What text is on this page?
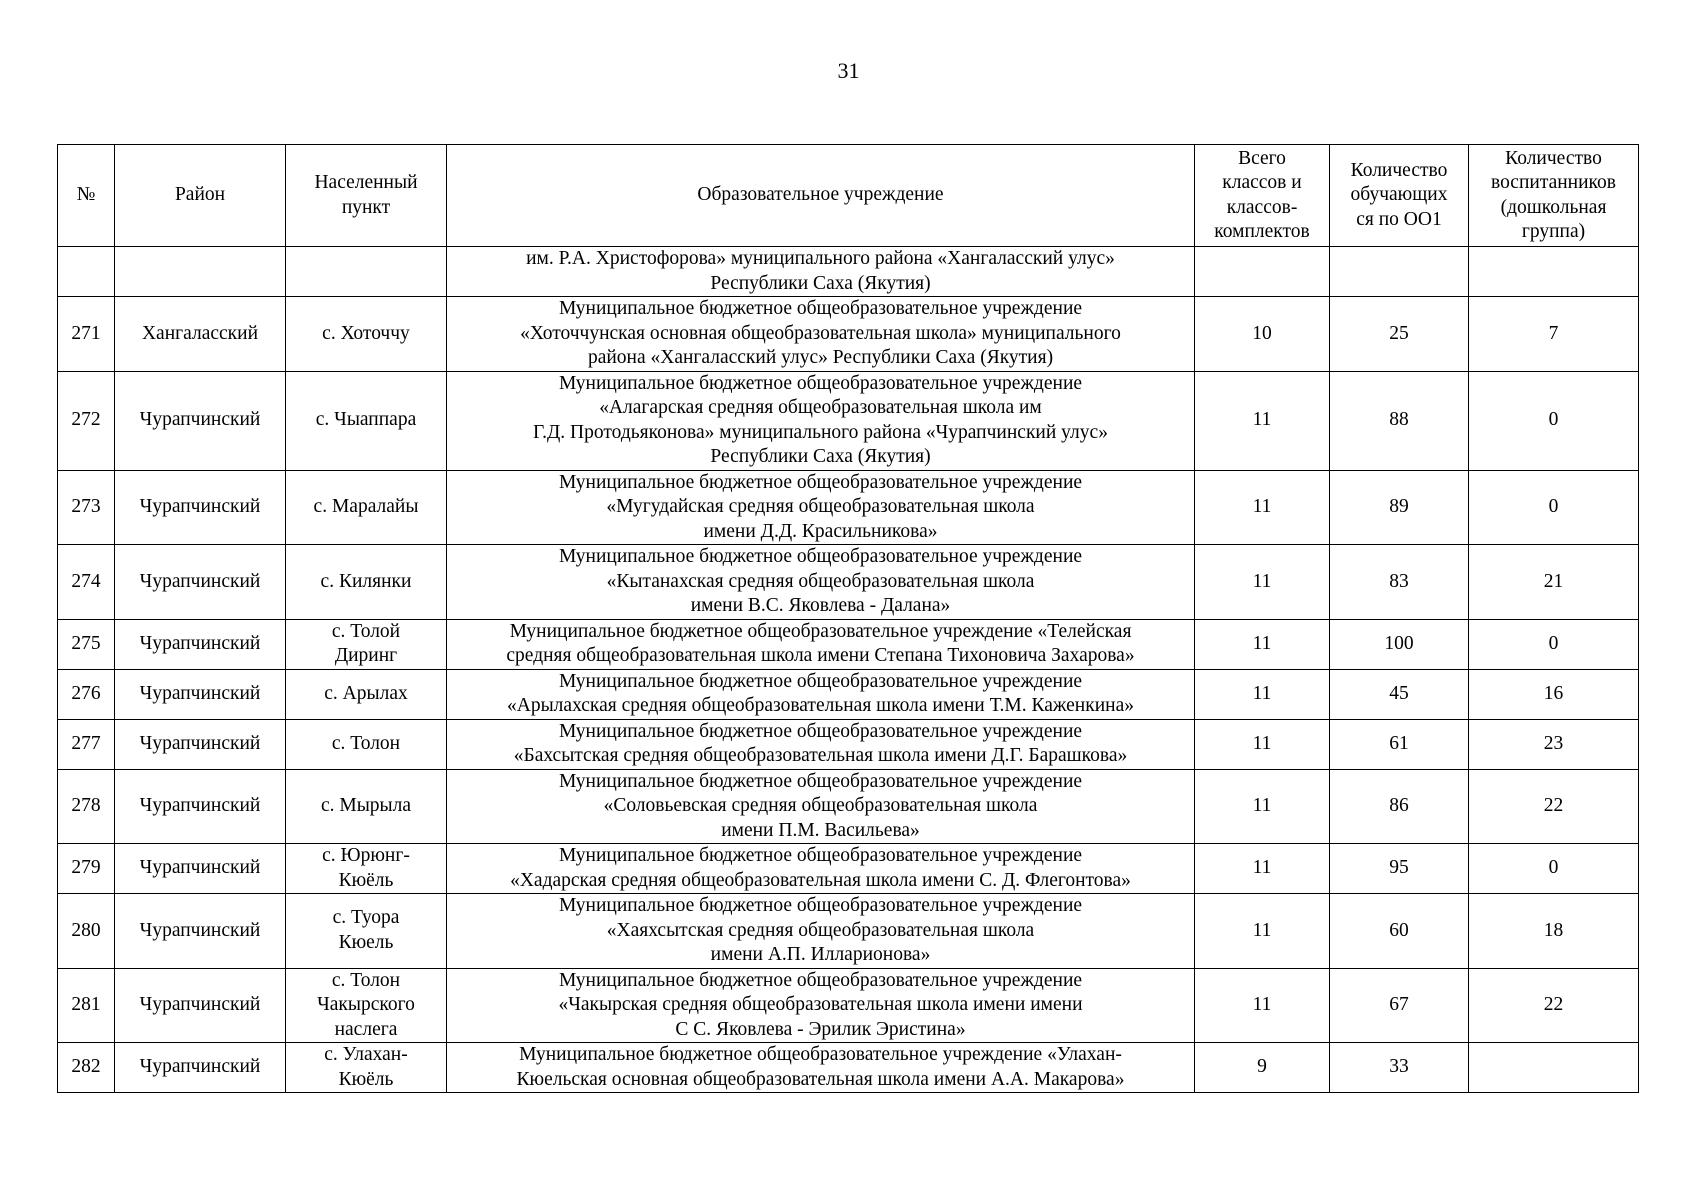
31
№	Район	Населенный
пункт	Образовательное учреждение	Всего
классов и
классов-
комплектов	Количество
обучающих
ся по ОО1	Количество
воспитанников
(дошкольная
группа)

			им. Р.А. Христофорова» муниципального района «Хангаласский улус»
Республики Саха (Якутия)			

271	Хангаласский	с. Хоточчу	Муниципальное бюджетное общеобразовательное учреждение
«Хоточчунская основная общеобразовательная школа» муниципального
района «Хангаласский улус» Республики Саха (Якутия)	10	25	7
272	Чурапчинский	с. Чыаппара	Муниципальное бюджетное общеобразовательное учреждение
«Алагарская средняя общеобразовательная школа им
Г.Д. Протодьяконова» муниципального района «Чурапчинский улус»
Республики Саха (Якутия)	11	88	0
273	Чурапчинский	с. Маралайы	Муниципальное бюджетное общеобразовательное учреждение
«Мугудайская средняя общеобразовательная школа
имени Д.Д. Красильникова»	11	89	0
274	Чурапчинский	с. Килянки	Муниципальное бюджетное общеобразовательное учреждение
«Кытанахская средняя общеобразовательная школа
имени В.С. Яковлева - Далана»	11	83	21
275	Чурапчинский	с. Толой
Диринг	Муниципальное бюджетное общеобразовательное учреждение «Телейская
средняя общеобразовательная школа имени Степана Тихоновича Захарова»	11	100	0
276	Чурапчинский	с. Арылах	Муниципальное бюджетное общеобразовательное учреждение
«Арылахская средняя общеобразовательная школа имени Т.М. Каженкина»	11	45	16
277	Чурапчинский	с. Толон	Муниципальное бюджетное общеобразовательное учреждение
«Бахсытская средняя общеобразовательная школа имени Д.Г. Барашкова»	11	61	23
278	Чурапчинский	с. Мырыла	Муниципальное бюджетное общеобразовательное учреждение
«Соловьевская средняя общеобразовательная школа
имени П.М. Васильева»	11	86	22
279	Чурапчинский	с. Юрюнг-
Кюёль	Муниципальное бюджетное общеобразовательное учреждение
«Хадарская средняя общеобразовательная школа имени С. Д. Флегонтова»	11	95	0
280	Чурапчинский	с. Туора
Кюель	Муниципальное бюджетное общеобразовательное учреждение
«Хаяхсытская средняя общеобразовательная школа
имени А.П. Илларионова»	11	60	18
281	Чурапчинский	с. Толон
Чакырского
наслега	Муниципальное бюджетное общеобразовательное учреждение
«Чакырская средняя общеобразовательная школа имени имени
С С. Яковлева - Эрилик Эристина»	11	67	22
282	Чурапчинский	с. Улахан-
Кюёль	Муниципальное бюджетное общеобразовательное учреждение «Улахан-
Кюельская основная общеобразовательная школа имени А.А. Макарова»	9	33	
